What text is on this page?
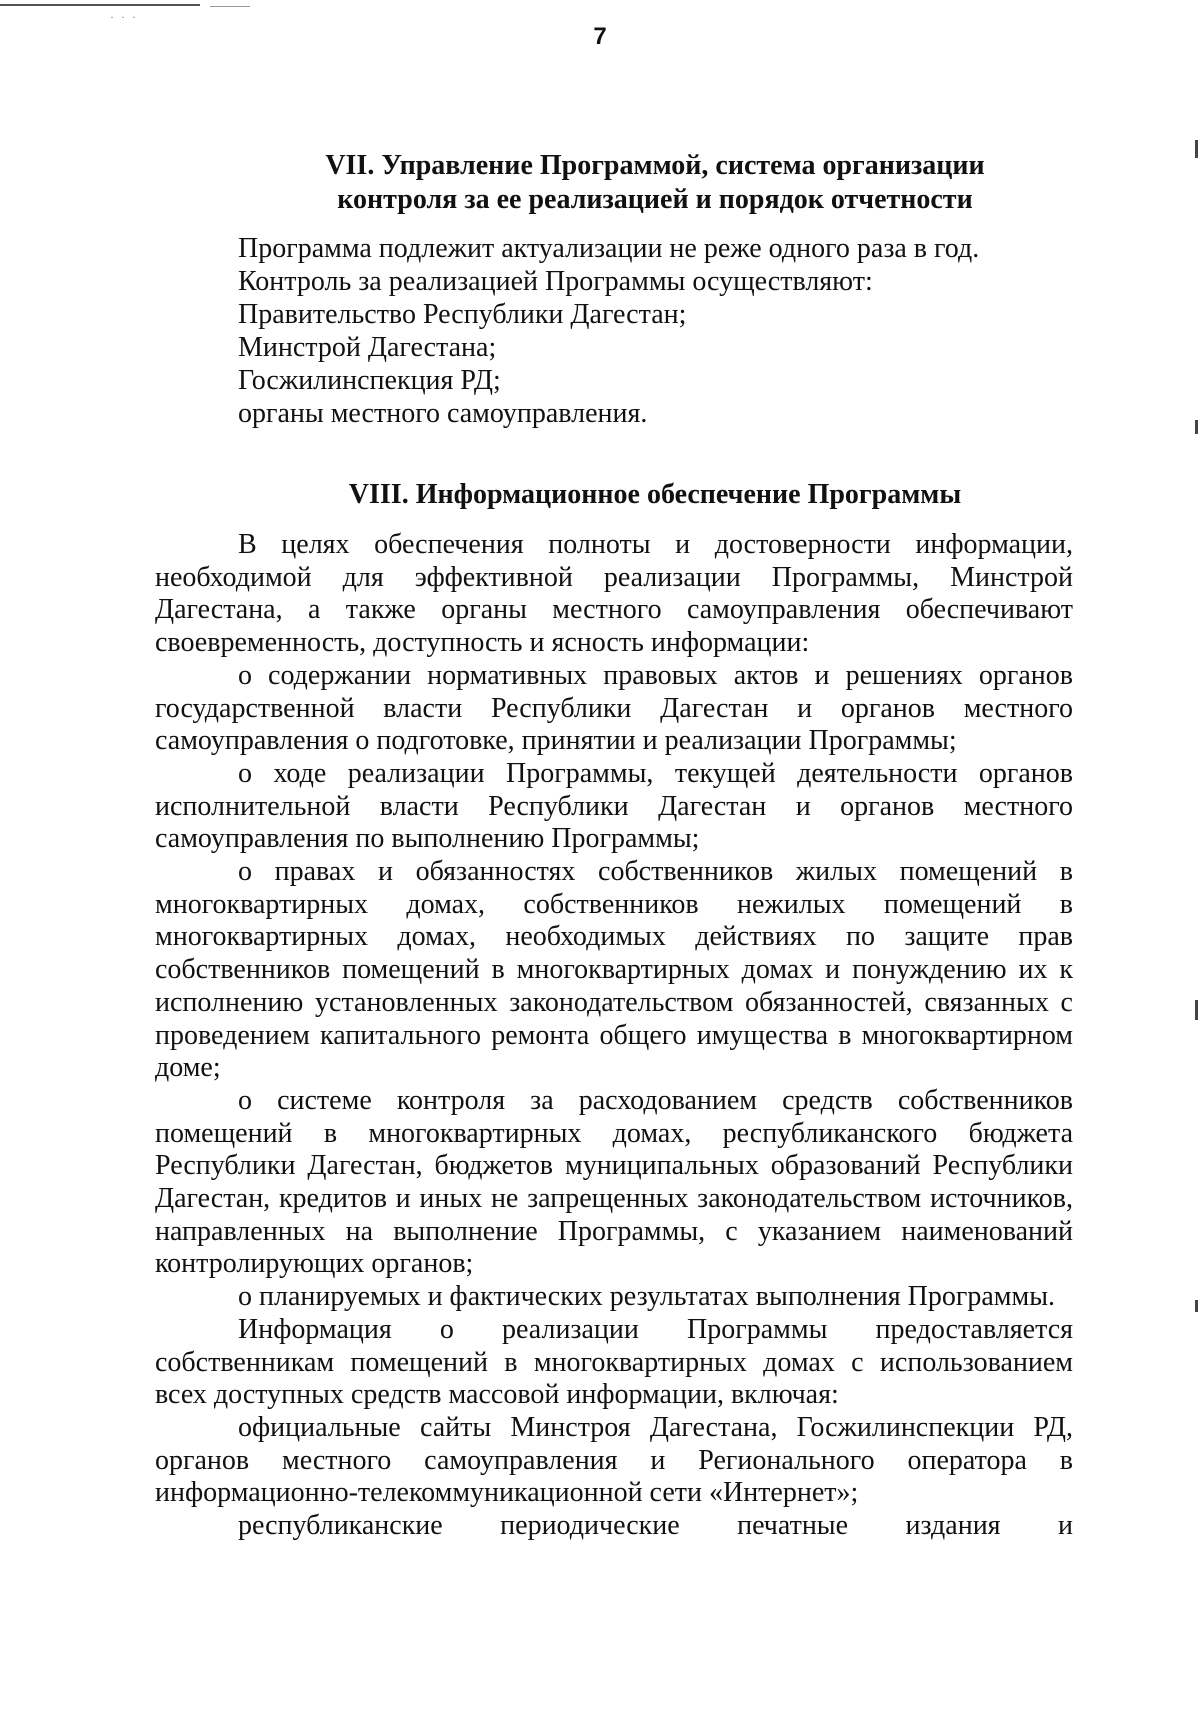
· · ·
7
VII. Управление Программой, система организации
контроля за ее реализацией и порядок отчетности
Программа подлежит актуализации не реже одного раза в год.
Контроль за реализацией Программы осуществляют:
Правительство Республики Дагестан;
Минстрой Дагестана;
Госжилинспекция РД;
органы местного самоуправления.
VIII. Информационное обеспечение Программы

В целях обеспечения полноты и достоверности информации, необходимой для эффективной реализации Программы, Минстрой Дагестана, а также органы местного самоуправления обеспечивают своевременность, доступность и ясность информации:

о содержании нормативных правовых актов и решениях органов государственной власти Республики Дагестан и органов местного самоуправления о подготовке, принятии и реализации Программы;

о ходе реализации Программы, текущей деятельности органов исполнительной власти Республики Дагестан и органов местного самоуправления по выполнению Программы;

о правах и обязанностях собственников жилых помещений в многоквартирных домах, собственников нежилых помещений в многоквартирных домах, необходимых действиях по защите прав собственников помещений в многоквартирных домах и понуждению их к исполнению установленных законодательством обязанностей, связанных с проведением капитального ремонта общего имущества в многоквартирном доме;

о системе контроля за расходованием средств собственников помещений в многоквартирных домах, республиканского бюджета Республики Дагестан, бюджетов муниципальных образований Республики Дагестан, кредитов и иных не запрещенных законодательством источников, направленных на выполнение Программы, с указанием наименований контролирующих органов;

о планируемых и фактических результатах выполнения Программы.

Информация о реализации Программы предоставляется собственникам помещений в многоквартирных домах с использованием всех доступных средств массовой информации, включая:

официальные сайты Минстроя Дагестана, Госжилинспекции РД, органов местного самоуправления и Регионального оператора в информационно-телекоммуникационной сети «Интернет»;

республиканские периодические печатные издания и
